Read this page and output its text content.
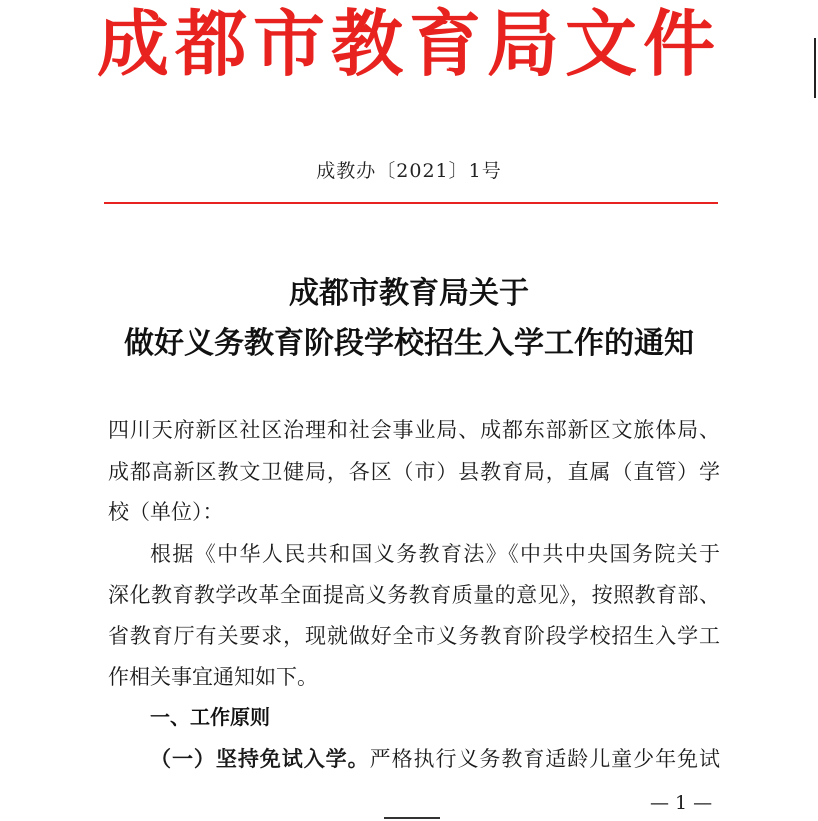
成都市教育局文件
成教办〔2021〕1号
成都市教育局关于
做好义务教育阶段学校招生入学工作的通知
四川天府新区社区治理和社会事业局、成都东部新区文旅体局、
成都高新区教文卫健局，各区（市）县教育局，直属（直管）学
校（单位）：
根据《中华人民共和国义务教育法》《中共中央国务院关于
深化教育教学改革全面提高义务教育质量的意见》，按照教育部、
省教育厅有关要求，现就做好全市义务教育阶段学校招生入学工
作相关事宜通知如下。
一、工作原则
（一）坚持免试入学。严格执行义务教育适龄儿童少年免试
— 1 —
